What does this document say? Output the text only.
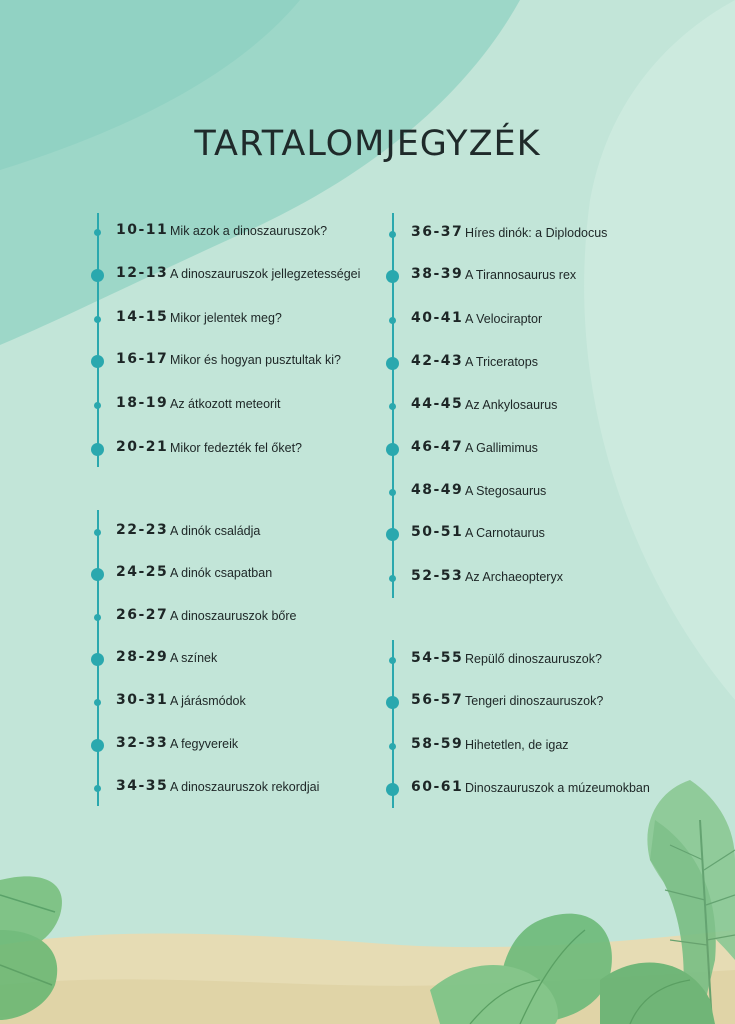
TARTALOMJEGYZÉK
10-11 Mik azok a dinoszauruszok?
12-13 A dinoszauruszok jellegzetességei
14-15 Mikor jelentek meg?
16-17 Mikor és hogyan pusztultak ki?
18-19 Az átkozott meteorit
20-21 Mikor fedezték fel őket?
22-23 A dinók családja
24-25 A dinók csapatban
26-27 A dinoszauruszok bőre
28-29 A színek
30-31 A járásmódok
32-33 A fegyvereik
34-35 A dinoszauruszok rekordjai
36-37 Híres dinók: a Diplodocus
38-39 A Tirannosaurus rex
40-41 A Velociraptor
42-43 A Triceratops
44-45 Az Ankylosaurus
46-47 A Gallimimus
48-49 A Stegosaurus
50-51 A Carnotaurus
52-53 Az Archaeopteryx
54-55 Repülő dinoszauruszok?
56-57 Tengeri dinoszauruszok?
58-59 Hihetetlen, de igaz
60-61 Dinoszauruszok a múzeumokban
